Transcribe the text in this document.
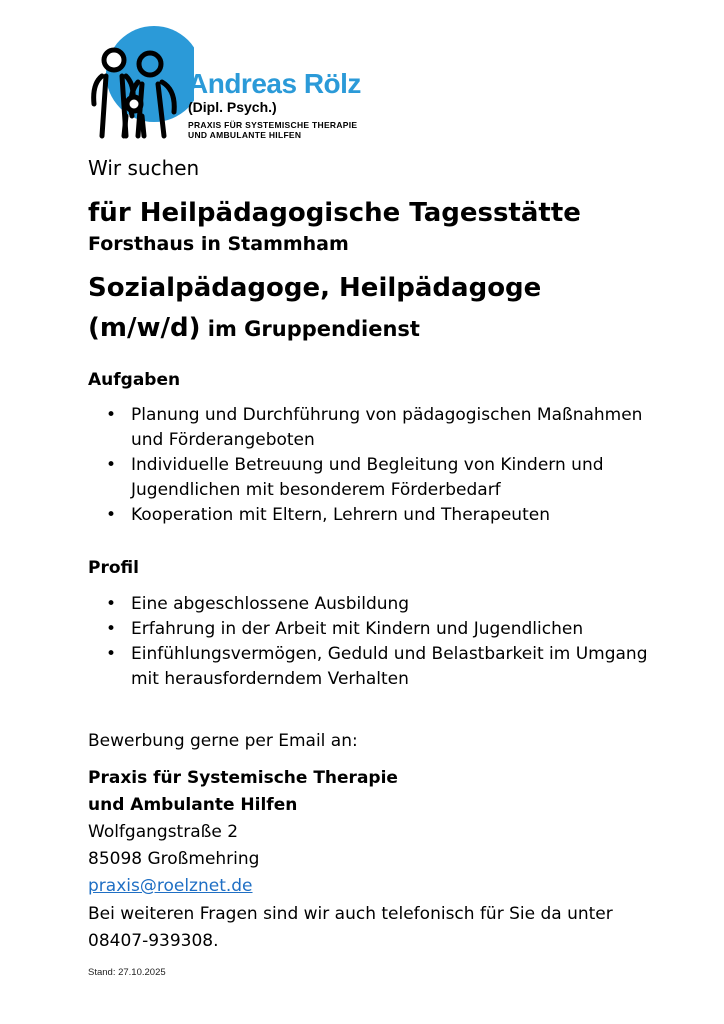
Andreas Rölz
(Dipl. Psych.)
PRAXIS FÜR SYSTEMISCHE THERAPIE
UND AMBULANTE HILFEN
Wir suchen
für Heilpädagogische Tagesstätte
Forsthaus in Stammham
Sozialpädagoge, Heilpädagoge
(m/w/d) im Gruppendienst
Aufgaben
• Planung und Durchführung von pädagogischen Maßnahmen und Förderangeboten
• Individuelle Betreuung und Begleitung von Kindern und Jugendlichen mit besonderem Förderbedarf
• Kooperation mit Eltern, Lehrern und Therapeuten
Profil
• Eine abgeschlossene Ausbildung
• Erfahrung in der Arbeit mit Kindern und Jugendlichen
• Einfühlungsvermögen, Geduld und Belastbarkeit im Umgang mit herausforderndem Verhalten
Bewerbung gerne per Email an:
Praxis für Systemische Therapie
und Ambulante Hilfen
Wolfgangstraße 2
85098 Großmehring
praxis@roelznet.de
Bei weiteren Fragen sind wir auch telefonisch für Sie da unter 08407-939308.
Stand: 27.10.2025
